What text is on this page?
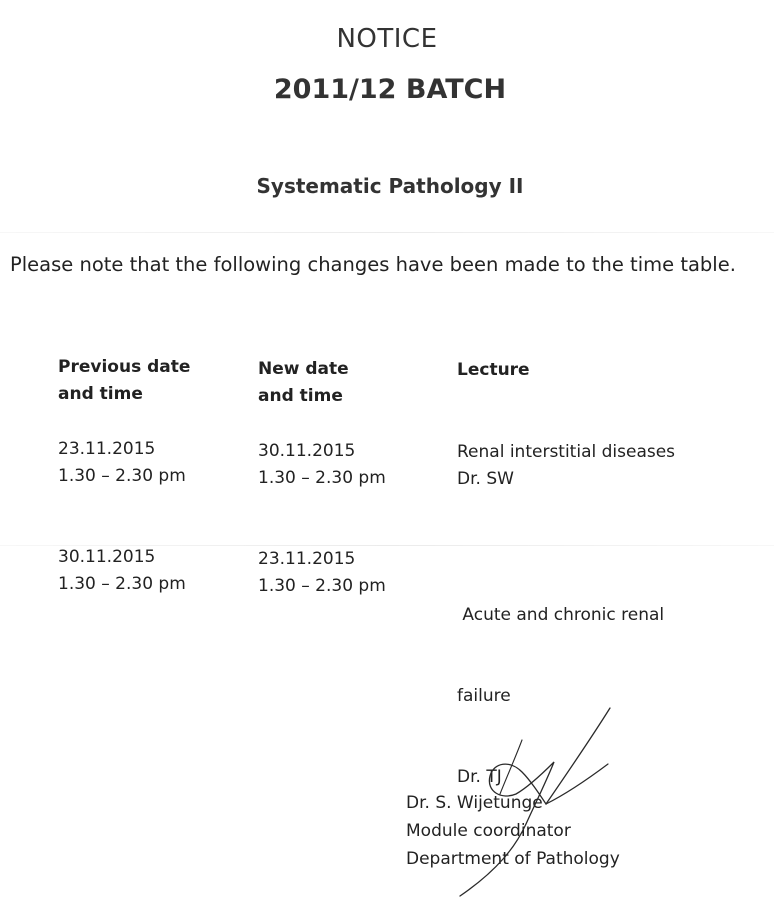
NOTICE
2011/12 BATCH
Systematic Pathology II
Please note that the following changes have been made to the time table.
Previous date
and time
New date
and time
Lecture
23.11.2015
1.30 – 2.30 pm
30.11.2015
1.30 – 2.30 pm
Renal interstitial diseases
Dr. SW
30.11.2015
1.30 – 2.30 pm
23.11.2015
1.30 – 2.30 pm

Acute and chronic renal

failure

Dr. TJ

Dr. S. Wijetunge
Module coordinator
Department of Pathology
